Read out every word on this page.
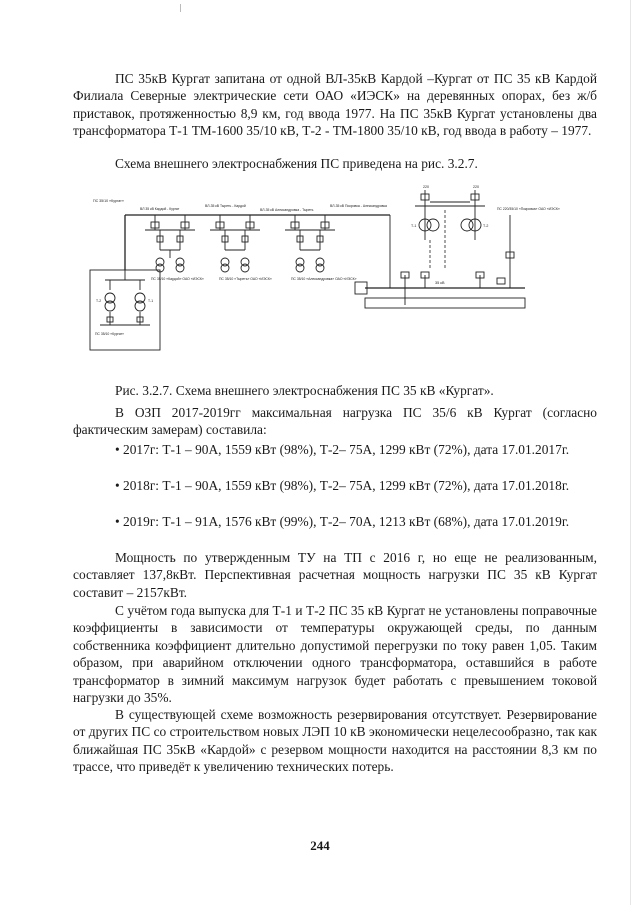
ПС 35кВ Кургат запитана от одной ВЛ-35кВ Кардой –Кургат от ПС 35 кВ Кардой Филиала Северные электрические сети ОАО «ИЭСК» на деревянных опорах, без ж/б приставок, протяженностью 8,9 км, год ввода 1977. На ПС 35кВ Кургат установлены два трансформатора Т-1 ТМ-1600 35/10 кВ, Т-2 - ТМ-1800 35/10 кВ, год ввода в работу – 1977.

Схема внешнего электроснабжения ПС приведена на рис. 3.2.7.

ПС 35/10 «Кургат»
ВЛ 35 кВ Кардой - Кургат
ВЛ-35 кВ Тыреть - Кардой
ВЛ-35 кВ Александровка - Тыреть
ВЛ-35 кВ Покровка - Александровка
ПС 35/10 «Кардой» ОАО «ИЭСК»	ПС 35/10 «Тыреть» ОАО «ИЭСК»	ПС 35/10 «Александровка» ОАО «ИЭСК»
220	220
Т-1	Т-2
ПС 220/35/10 «Покровка» ОАО «ИЭСК»
35 кВ
Т-2	Т-1
ПС 35/10 «Кургат»

Рис. 3.2.7. Схема внешнего электроснабжения ПС 35 кВ «Кургат».

В ОЗП 2017-2019гг максимальная нагрузка ПС 35/6 кВ Кургат (согласно фактическим замерам) составила:

• 2017г: Т-1 – 90А, 1559 кВт (98%), Т-2– 75А, 1299 кВт (72%), дата 17.01.2017г.

• 2018г: Т-1 – 90А, 1559 кВт (98%), Т-2– 75А, 1299 кВт (72%), дата 17.01.2018г.

• 2019г: Т-1 – 91А, 1576 кВт (99%), Т-2– 70А, 1213 кВт (68%), дата 17.01.2019г.

Мощность по утвержденным ТУ на ТП с 2016 г, но еще не реализованным, составляет 137,8кВт. Перспективная расчетная мощность нагрузки ПС 35 кВ Кургат составит – 2157кВт.

С учётом года выпуска для Т-1 и Т-2 ПС 35 кВ Кургат не установлены поправочные коэффициенты в зависимости от температуры окружающей среды, по данным собственника коэффициент длительно допустимой перегрузки по току равен 1,05. Таким образом, при аварийном отключении одного трансформатора, оставшийся в работе трансформатор в зимний максимум нагрузок будет работать с превышением токовой нагрузки до 35%.

В существующей схеме возможность резервирования отсутствует. Резервирование от других ПС со строительством новых ЛЭП 10 кВ экономически нецелесообразно, так как ближайшая ПС 35кВ «Кардой» с резервом мощности находится на расстоянии 8,3 км по трассе, что приведёт к увеличению технических потерь.

244
